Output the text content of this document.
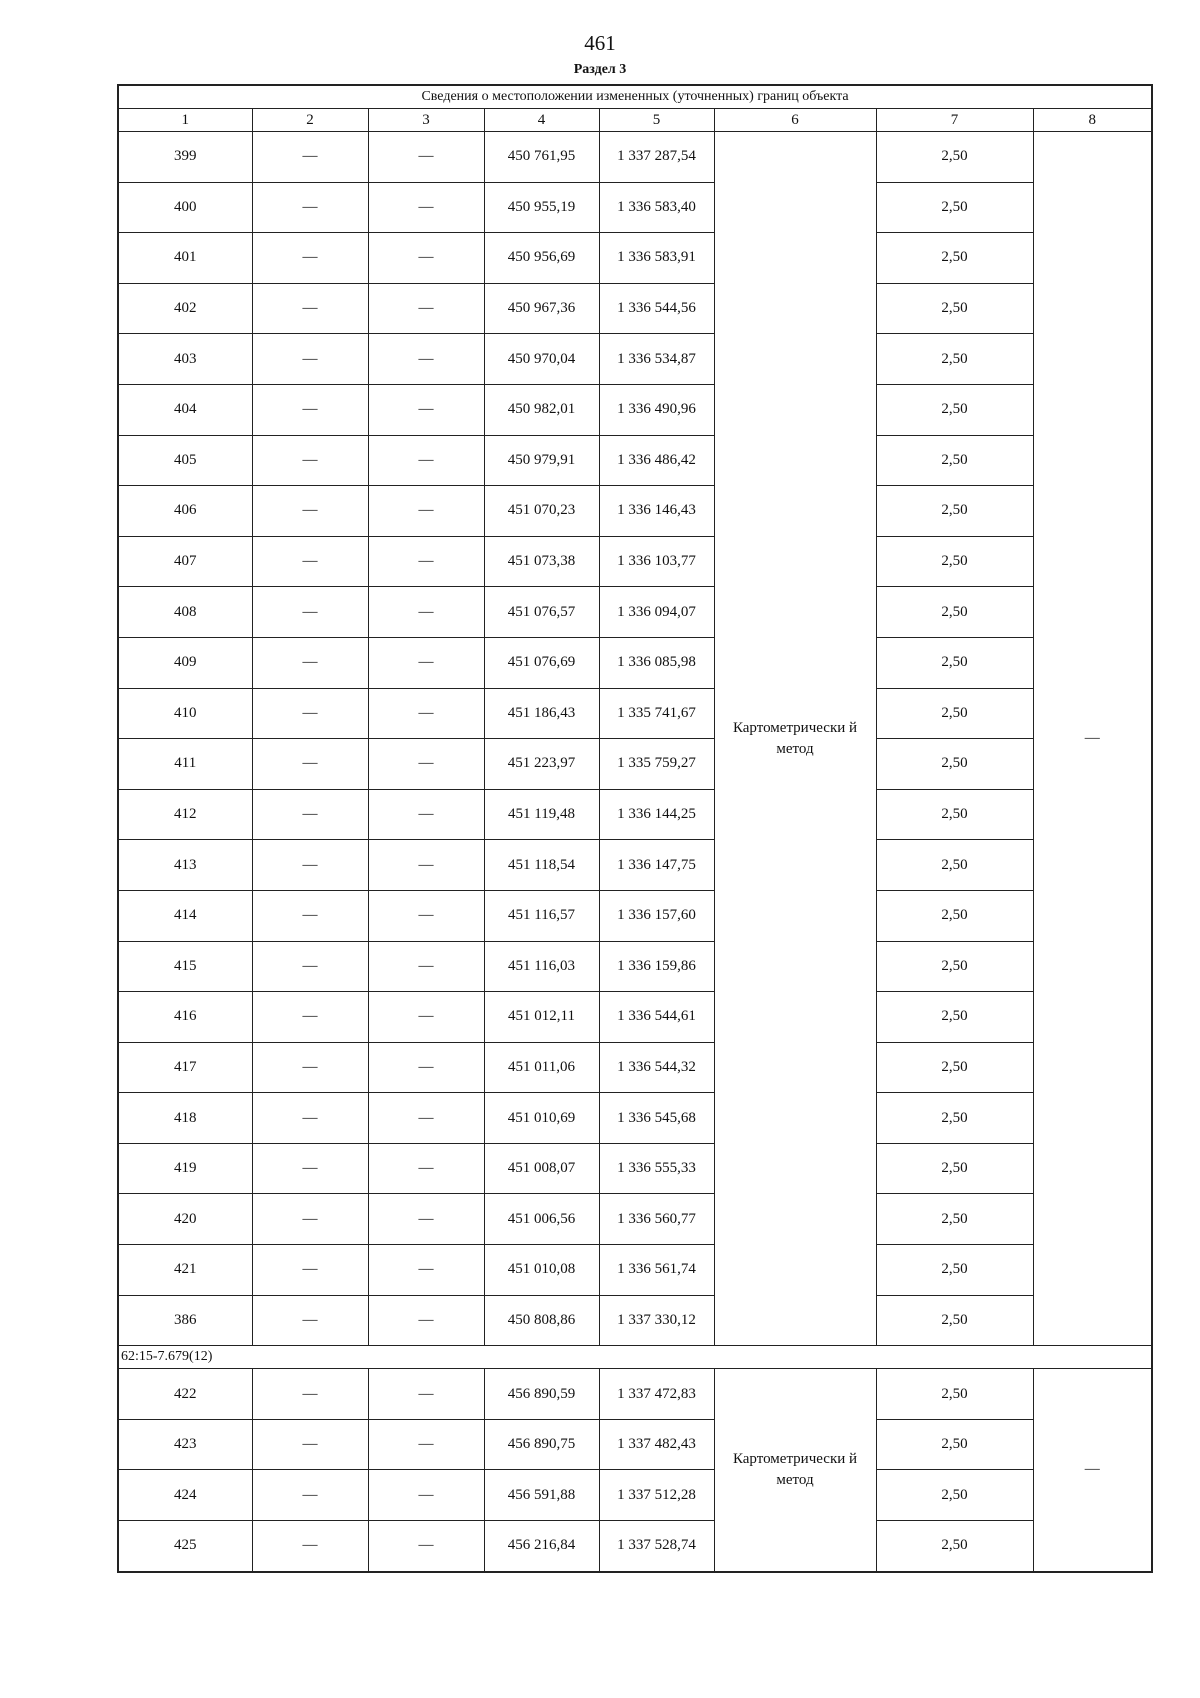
461
Раздел 3
Сведения о местоположении измененных (уточненных) границ объекта							
1	2	3	4	5	6	7	8
399	—	—	450 761,95	1 337 287,54	Картометрически й метод	2,50	—
400	—	—	450 955,19	1 336 583,40		2,50	
401	—	—	450 956,69	1 336 583,91		2,50	
402	—	—	450 967,36	1 336 544,56		2,50	
403	—	—	450 970,04	1 336 534,87		2,50	
404	—	—	450 982,01	1 336 490,96		2,50	
405	—	—	450 979,91	1 336 486,42		2,50	
406	—	—	451 070,23	1 336 146,43		2,50	
407	—	—	451 073,38	1 336 103,77		2,50	
408	—	—	451 076,57	1 336 094,07		2,50	
409	—	—	451 076,69	1 336 085,98		2,50	
410	—	—	451 186,43	1 335 741,67		2,50	
411	—	—	451 223,97	1 335 759,27		2,50	
412	—	—	451 119,48	1 336 144,25		2,50	
413	—	—	451 118,54	1 336 147,75		2,50	
414	—	—	451 116,57	1 336 157,60		2,50	
415	—	—	451 116,03	1 336 159,86		2,50	
416	—	—	451 012,11	1 336 544,61		2,50	
417	—	—	451 011,06	1 336 544,32		2,50	
418	—	—	451 010,69	1 336 545,68		2,50	
419	—	—	451 008,07	1 336 555,33		2,50	
420	—	—	451 006,56	1 336 560,77		2,50	
421	—	—	451 010,08	1 336 561,74		2,50	
386	—	—	450 808,86	1 337 330,12		2,50	
62:15-7.679(12)							
422	—	—	456 890,59	1 337 472,83	Картометрически й метод	2,50	—
423	—	—	456 890,75	1 337 482,43		2,50	
424	—	—	456 591,88	1 337 512,28		2,50	
425	—	—	456 216,84	1 337 528,74		2,50	
